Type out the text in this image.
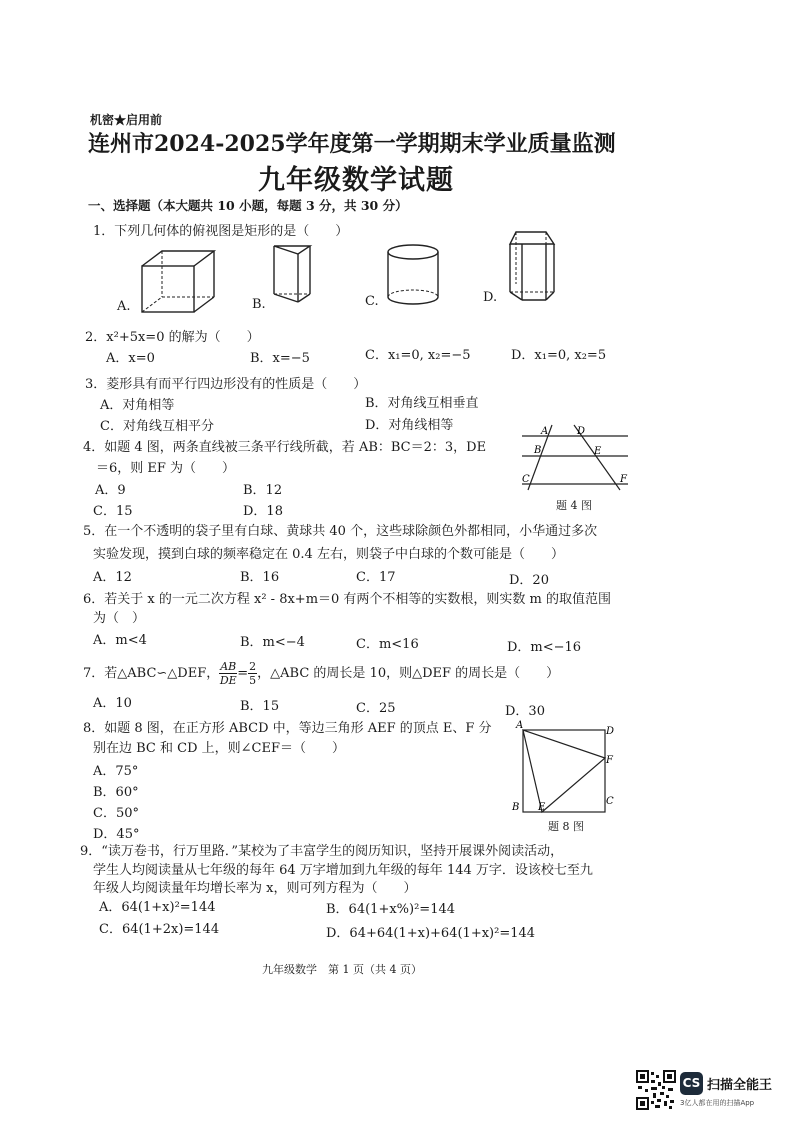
机密★启用前
连州市2024-2025学年度第一学期期末学业质量监测
九年级数学试题
一、选择题（本大题共 10 小题，每题 3 分，共 30 分）
1．下列几何体的俯视图是矩形的是（　　）
A.	B.	C.	D.
2．x²+5x=0 的解为（　　）
A．x=0	B．x=−5	C．x₁=0, x₂=−5	D．x₁=0, x₂=5
3．菱形具有而平行四边形没有的性质是（　　）
A．对角相等	B．对角线互相垂直
C．对角线互相平分	D．对角线相等
4．如题 4 图，两条直线被三条平行线所截，若 AB：BC＝2：3，DE
＝6，则 EF 为（　　）
A．9	B．12
C．15	D．18
A	D
B	E
C	F
题 4 图
5．在一个不透明的袋子里有白球、黄球共 40 个，这些球除颜色外都相同，小华通过多次
实验发现，摸到白球的频率稳定在 0.4 左右，则袋子中白球的个数可能是（　　）
A．12	B．16	C．17	D．20
6．若关于 x 的一元二次方程 x² - 8x+m＝0 有两个不相等的实数根，则实数 m 的取值范围
为（　）
A．m<4	B．m<−4	C．m<16	D．m<−16
7．若△ABC∽△DEF， $\frac{AB}{DE} = \frac{2}{5}$ ，△ABC 的周长是 10，则△DEF 的周长是（　　）
A．10	B．15	C．25	D．30
8．如题 8 图，在正方形 ABCD 中，等边三角形 AEF 的顶点 E、F 分
别在边 BC 和 CD 上，则∠CEF＝（　　）
A．75°
B．60°
C．50°
D．45°
A
D
F
B E
C
题 8 图
9．“读万卷书，行万里路．”某校为了丰富学生的阅历知识，坚持开展课外阅读活动，
学生人均阅读量从七年级的每年 64 万字增加到九年级的每年 144 万字．设该校七至九
年级人均阅读量年均增长率为 x，则可列方程为（　　）
A．64(1+x)²=144	B．64(1+x%)²=144
C．64(1+2x)=144	D．64+64(1+x)+64(1+x)²=144
九年级数学　第 1 页（共 4 页）
CS 扫描全能王
3亿人都在用的扫描App
